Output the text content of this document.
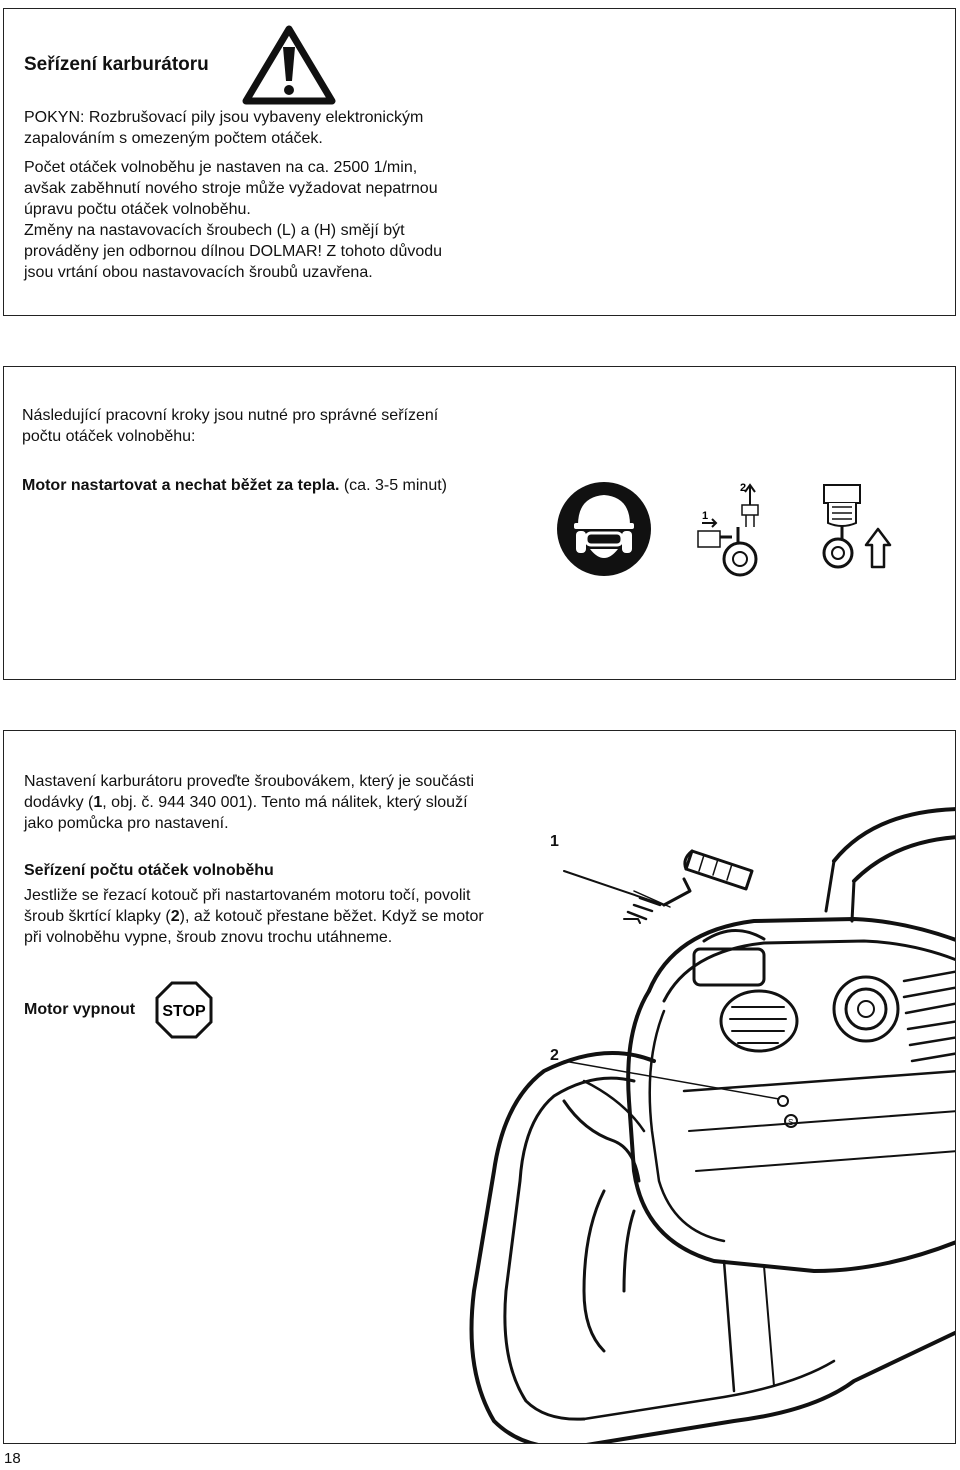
Seřízení karburátoru

POKYN: Rozbrušovací pily jsou vybaveny elektronickým

zapalováním s omezeným počtem otáček.

Počet otáček volnoběhu je nastaven na ca. 2500 1/min,

avšak zaběhnutí nového stroje může vyžadovat nepatrnou

úpravu počtu otáček volnoběhu.

Změny na nastavovacích šroubech (L) a (H) smějí být

prováděny jen odbornou dílnou DOLMAR! Z tohoto důvodu

jsou vrtání obou nastavovacích šroubů uzavřena.

Následující pracovní kroky jsou nutné pro správné seřízení

počtu otáček volnoběhu:

Motor nastartovat a nechat běžet za tepla. (ca. 3-5 minut)

1
2

Nastavení karburátoru proveďte šroubovákem, který je součásti

dodávky (1, obj. č. 944 340 001). Tento má nálitek, který slouží

jako pomůcka pro nastavení.

Seřízení počtu otáček volnoběhu

Jestliže se řezací kotouč při nastartovaném motoru točí, povolit

šroub škrtící klapky (2), až kotouč přestane běžet. Když se motor

při volnoběhu vypne, šroub znovu trochu utáhneme.

Motor vypnout STOP
1
2
S
18
